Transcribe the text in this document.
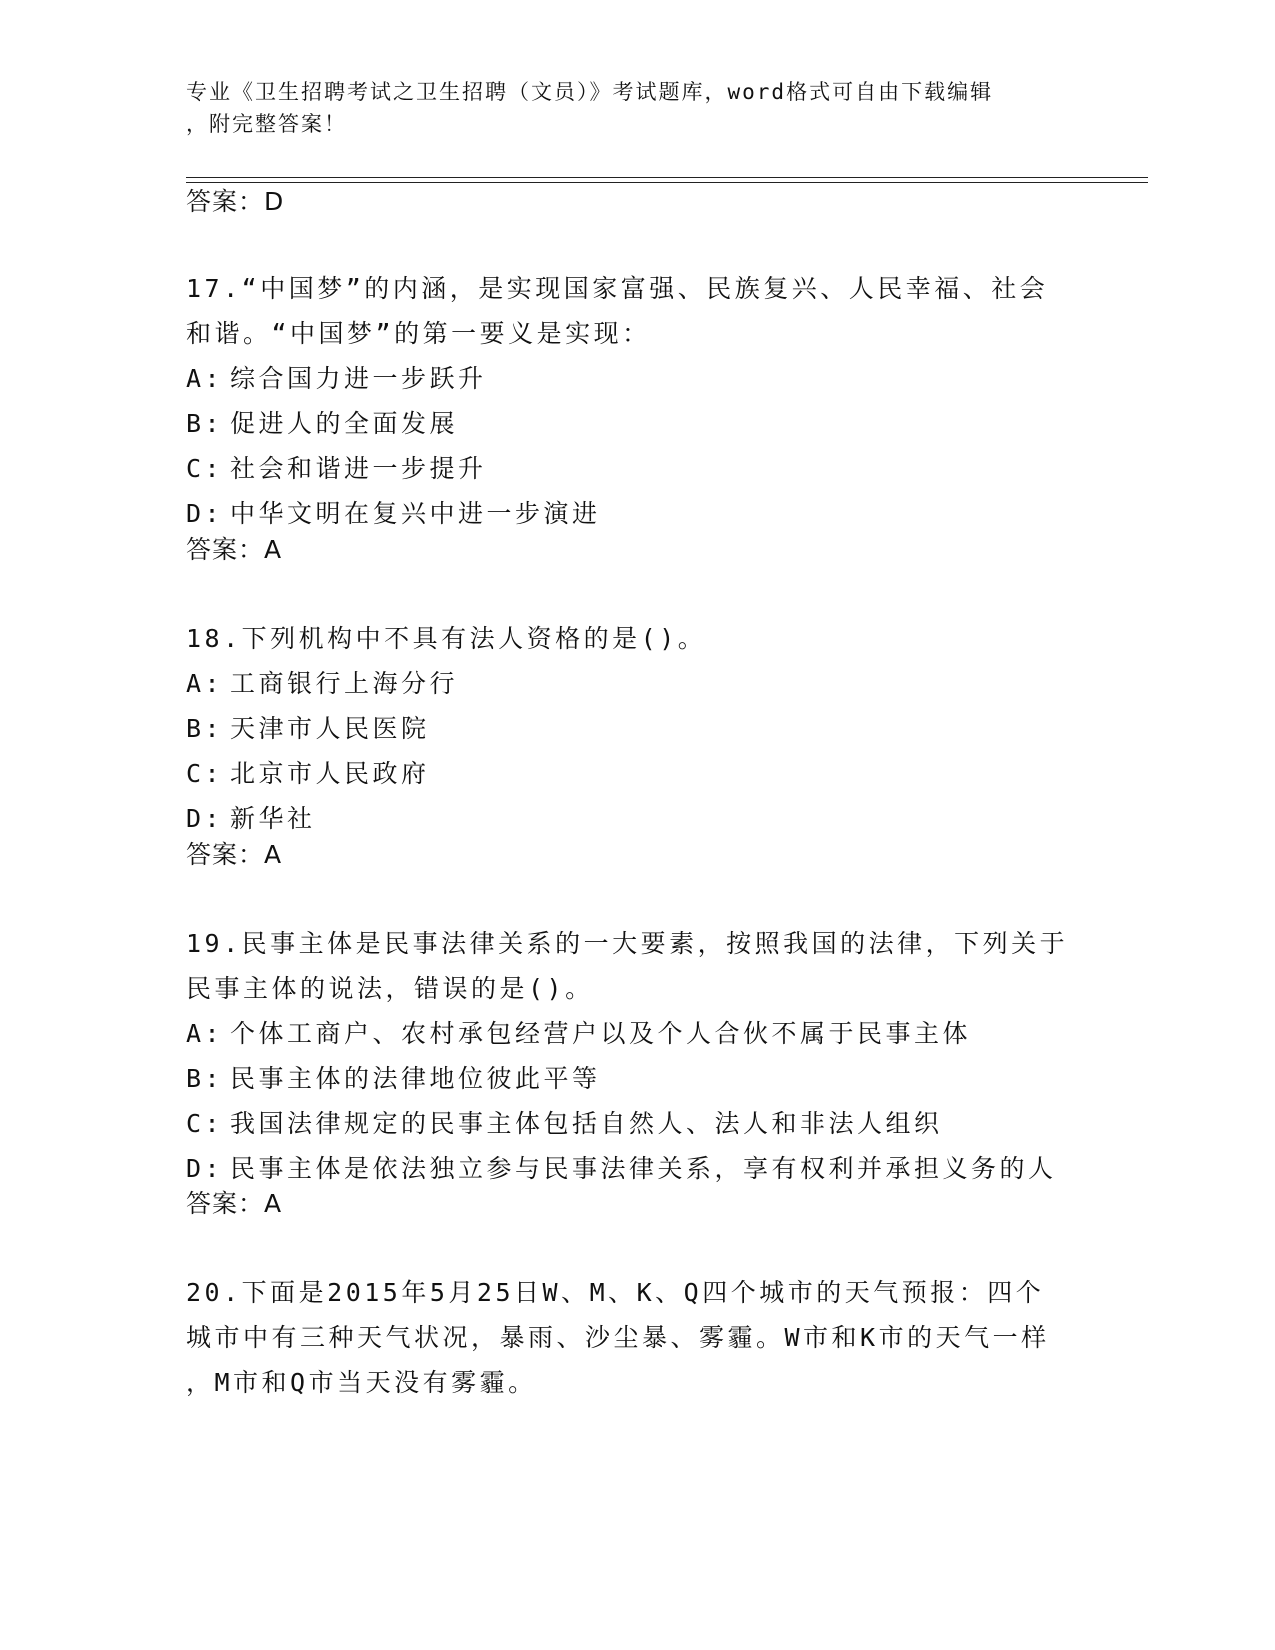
专业《卫生招聘考试之卫生招聘（文员）》考试题库，word格式可自由下载编辑
，附完整答案！
答案：D
17.“中国梦”的内涵，是实现国家富强、民族复兴、人民幸福、社会
和谐。“中国梦”的第一要义是实现：
A: 综合国力进一步跃升
B: 促进人的全面发展
C: 社会和谐进一步提升
D: 中华文明在复兴中进一步演进
答案：A
18.下列机构中不具有法人资格的是()。
A: 工商银行上海分行
B: 天津市人民医院
C: 北京市人民政府
D: 新华社
答案：A
19.民事主体是民事法律关系的一大要素，按照我国的法律，下列关于
民事主体的说法，错误的是()。
A: 个体工商户、农村承包经营户以及个人合伙不属于民事主体
B: 民事主体的法律地位彼此平等
C: 我国法律规定的民事主体包括自然人、法人和非法人组织
D: 民事主体是依法独立参与民事法律关系，享有权利并承担义务的人
答案：A
20.下面是2015年5月25日W、M、K、Q四个城市的天气预报：四个
城市中有三种天气状况，暴雨、沙尘暴、雾霾。W市和K市的天气一样
，M市和Q市当天没有雾霾。
